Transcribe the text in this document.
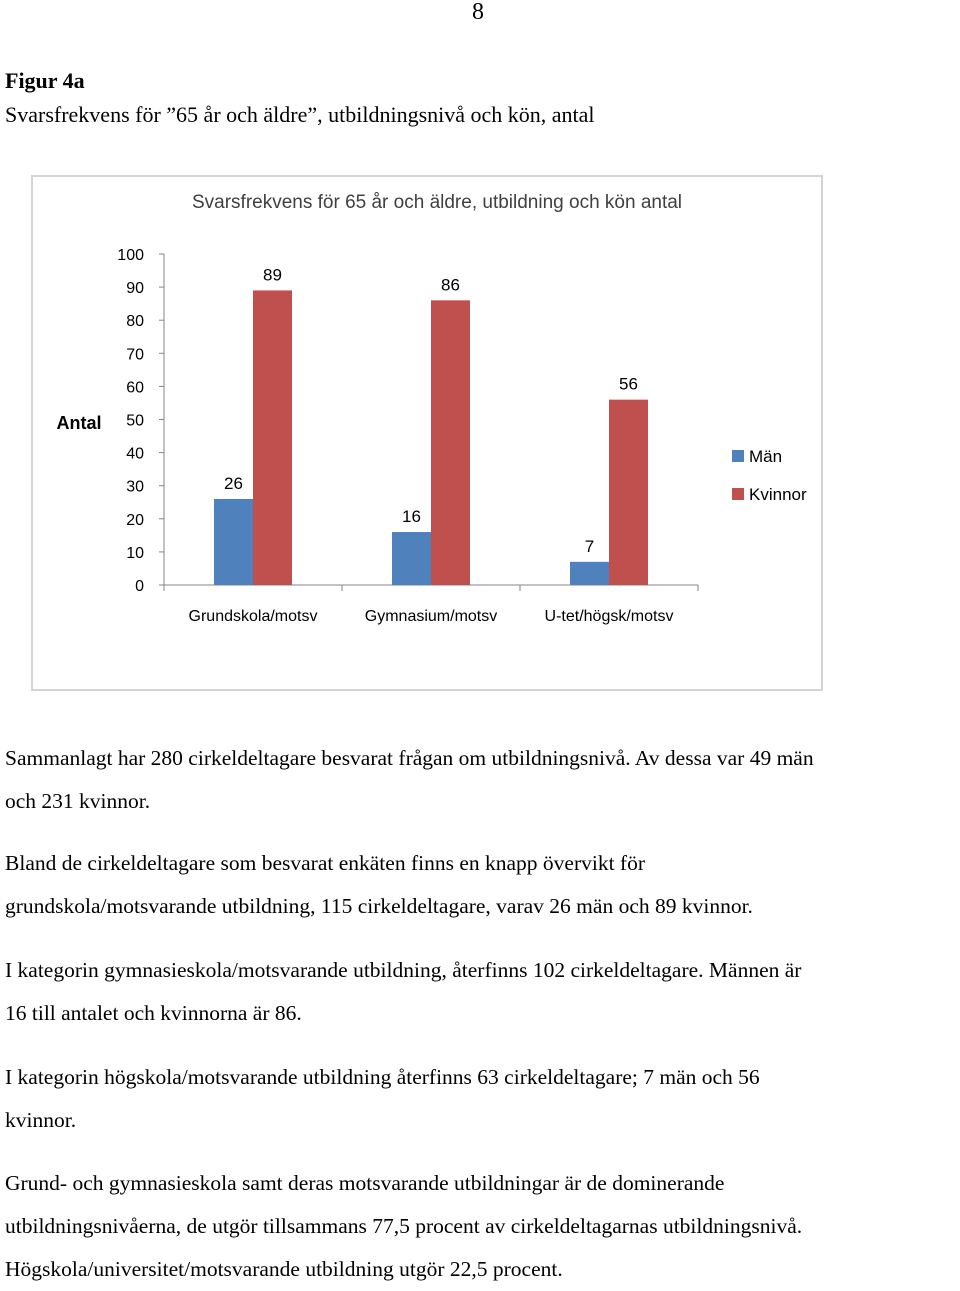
8
Figur 4a
Svarsfrekvens för ”65 år och äldre”, utbildningsnivå och kön, antal
Svarsfrekvens för 65 år och äldre, utbildning och kön antal
Antal
0
10
20
30
40
50
60
70
80
90
100
26
89
Grundskola/motsv
16
86
Gymnasium/motsv
7
56
U-tet/högsk/motsv
Män
Kvinnor

Sammanlagt har 280 cirkeldeltagare besvarat frågan om utbildningsnivå. Av dessa var 49 män
och 231 kvinnor.

Bland de cirkeldeltagare som besvarat enkäten finns en knapp övervikt för
grundskola/motsvarande utbildning, 115 cirkeldeltagare, varav 26 män och 89 kvinnor.

I kategorin gymnasieskola/motsvarande utbildning, återfinns 102 cirkeldeltagare. Männen är
16 till antalet och kvinnorna är 86.

I kategorin högskola/motsvarande utbildning återfinns 63 cirkeldeltagare; 7 män och 56
kvinnor.

Grund- och gymnasieskola samt deras motsvarande utbildningar är de dominerande
utbildningsnivåerna, de utgör tillsammans 77,5 procent av cirkeldeltagarnas utbildningsnivå.
Högskola/universitet/motsvarande utbildning utgör 22,5 procent.
